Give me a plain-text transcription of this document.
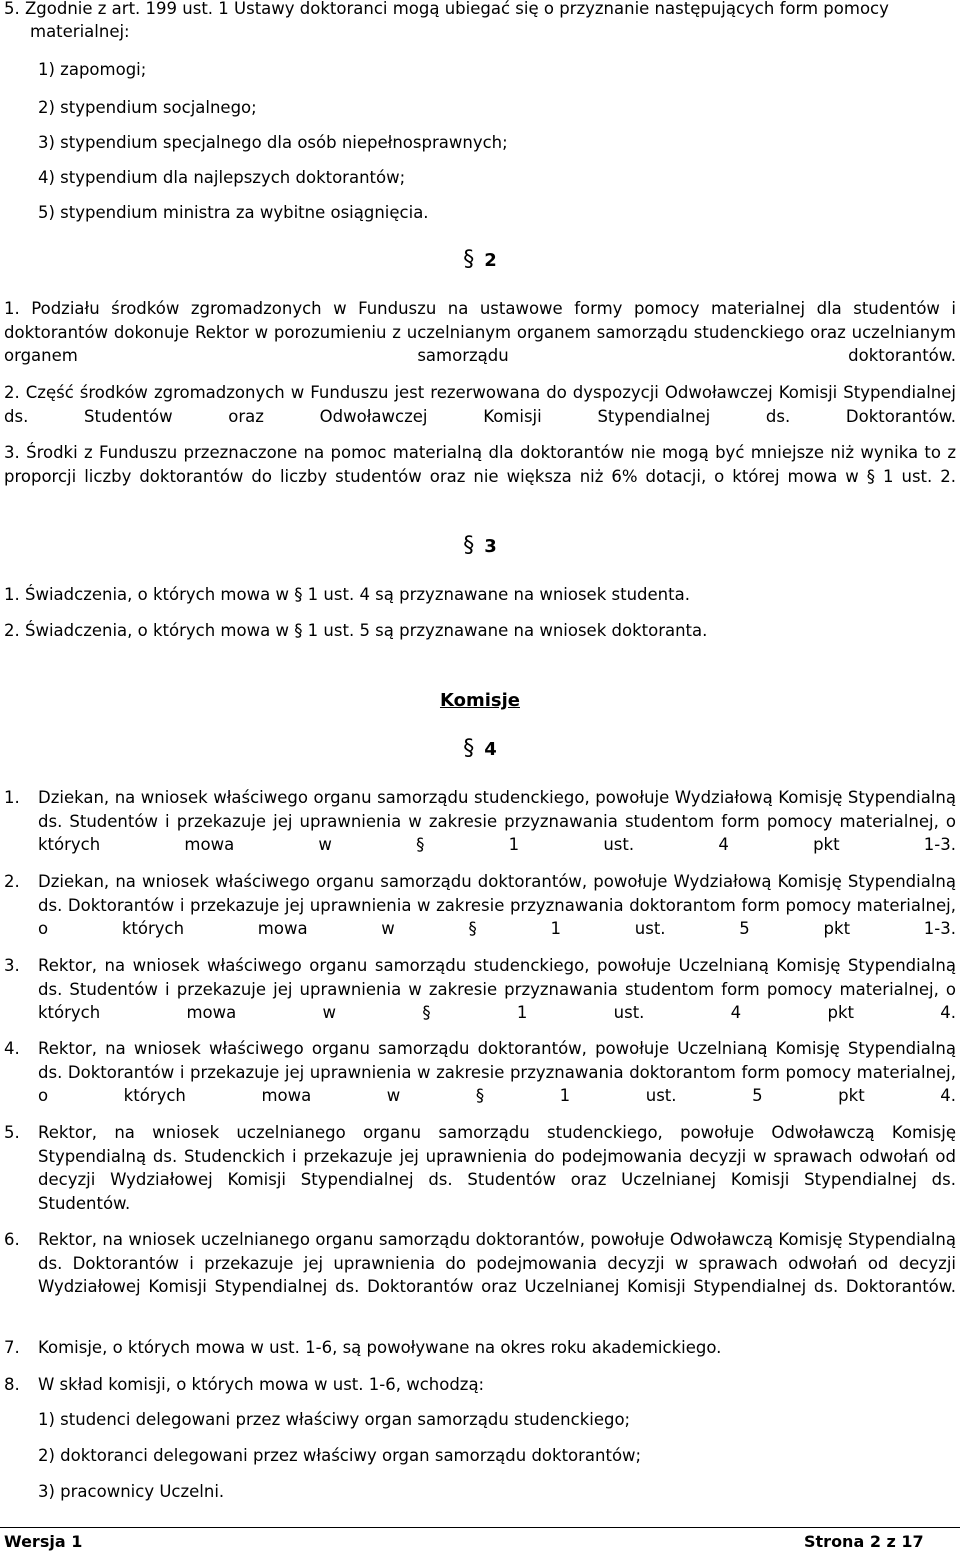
5. Zgodnie z art. 199 ust. 1 Ustawy doktoranci mogą ubiegać się o przyznanie następujących form pomocy
materialnej:
1) zapomogi;
2) stypendium socjalnego;
3) stypendium specjalnego dla osób niepełnosprawnych;
4) stypendium dla najlepszych doktorantów;
5) stypendium ministra za wybitne osiągnięcia.
§ 2
1. Podziału środków zgromadzonych w Funduszu na ustawowe formy pomocy materialnej dla studentów i doktorantów dokonuje Rektor w porozumieniu z uczelnianym organem samorządu studenckiego oraz uczelnianym organem samorządu doktorantów.
2. Część środków zgromadzonych w Funduszu jest rezerwowana do dyspozycji Odwoławczej Komisji Stypendialnej ds. Studentów oraz Odwoławczej Komisji Stypendialnej ds. Doktorantów.
3. Środki z Funduszu przeznaczone na pomoc materialną dla doktorantów nie mogą być mniejsze niż wynika to z proporcji liczby doktorantów do liczby studentów oraz nie większa niż 6% dotacji, o której mowa w § 1 ust. 2.
§ 3
1. Świadczenia, o których mowa w § 1 ust. 4 są przyznawane na wniosek studenta.
2. Świadczenia, o których mowa w § 1 ust. 5 są przyznawane na wniosek doktoranta.
Komisje
§ 4
1.	Dziekan, na wniosek właściwego organu samorządu studenckiego, powołuje Wydziałową Komisję Stypendialną ds. Studentów i przekazuje jej uprawnienia w zakresie przyznawania studentom form pomocy materialnej, o których mowa w § 1 ust. 4 pkt 1-3.
2.	Dziekan, na wniosek właściwego organu samorządu doktorantów, powołuje Wydziałową Komisję Stypendialną ds. Doktorantów i przekazuje jej uprawnienia w zakresie przyznawania doktorantom form pomocy materialnej, o których mowa w § 1 ust. 5 pkt 1-3.
3.	Rektor, na wniosek właściwego organu samorządu studenckiego, powołuje Uczelnianą Komisję Stypendialną ds. Studentów i przekazuje jej uprawnienia w zakresie przyznawania studentom form pomocy materialnej, o których mowa w § 1 ust. 4 pkt 4.
4.	Rektor, na wniosek właściwego organu samorządu doktorantów, powołuje Uczelnianą Komisję Stypendialną ds. Doktorantów i przekazuje jej uprawnienia w zakresie przyznawania doktorantom form pomocy materialnej, o których mowa w § 1 ust. 5 pkt 4.
5.	Rektor, na wniosek uczelnianego organu samorządu studenckiego, powołuje Odwoławczą Komisję Stypendialną ds. Studenckich i przekazuje jej uprawnienia do podejmowania decyzji w sprawach odwołań od decyzji Wydziałowej Komisji Stypendialnej ds. Studentów oraz Uczelnianej Komisji Stypendialnej ds. Studentów.
6.	Rektor, na wniosek uczelnianego organu samorządu doktorantów, powołuje Odwoławczą Komisję Stypendialną ds. Doktorantów i przekazuje jej uprawnienia do podejmowania decyzji w sprawach odwołań od decyzji Wydziałowej Komisji Stypendialnej ds. Doktorantów oraz Uczelnianej Komisji Stypendialnej ds. Doktorantów.
7.	Komisje, o których mowa w ust. 1-6, są powoływane na okres roku akademickiego.
8.	W skład komisji, o których mowa w ust. 1-6, wchodzą:
1) studenci delegowani przez właściwy organ samorządu studenckiego;
2) doktoranci delegowani przez właściwy organ samorządu doktorantów;
3) pracownicy Uczelni.
Wersja 1	Strona 2 z 17
